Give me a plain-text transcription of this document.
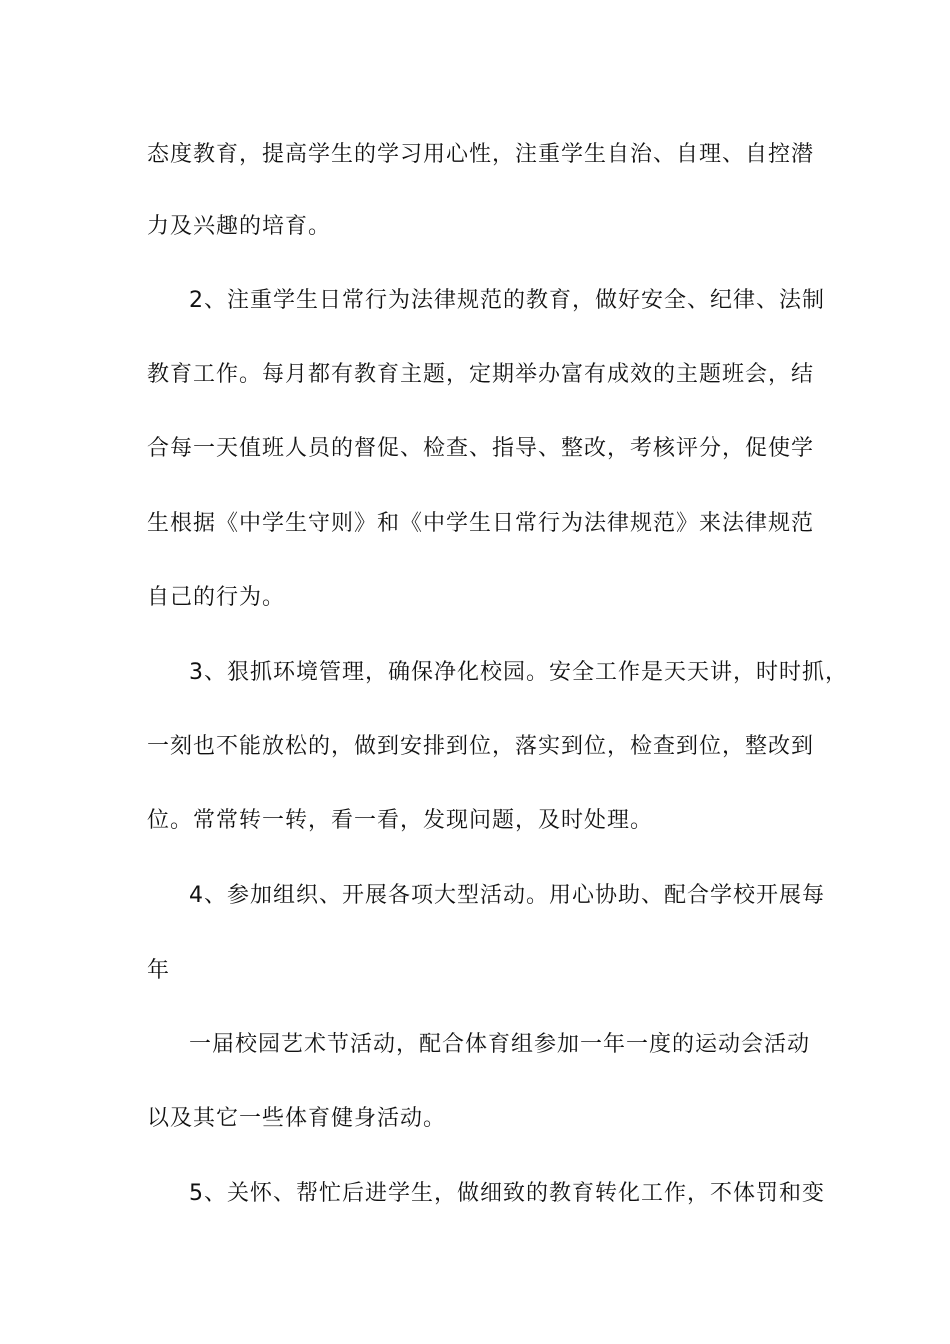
态度教育，提高学生的学习用心性，注重学生自治、自理、自控潜
力及兴趣的培育。
2、注重学生日常行为法律规范的教育，做好安全、纪律、法制
教育工作。每月都有教育主题，定期举办富有成效的主题班会，结
合每一天值班人员的督促、检查、指导、整改，考核评分，促使学
生根据《中学生守则》和《中学生日常行为法律规范》来法律规范
自己的行为。
3、狠抓环境管理，确保净化校园。安全工作是天天讲，时时抓，
一刻也不能放松的，做到安排到位，落实到位，检查到位，整改到
位。常常转一转，看一看，发现问题，及时处理。
4、参加组织、开展各项大型活动。用心协助、配合学校开展每
年
一届校园艺术节活动，配合体育组参加一年一度的运动会活动
以及其它一些体育健身活动。
5、关怀、帮忙后进学生，做细致的教育转化工作，不体罚和变
